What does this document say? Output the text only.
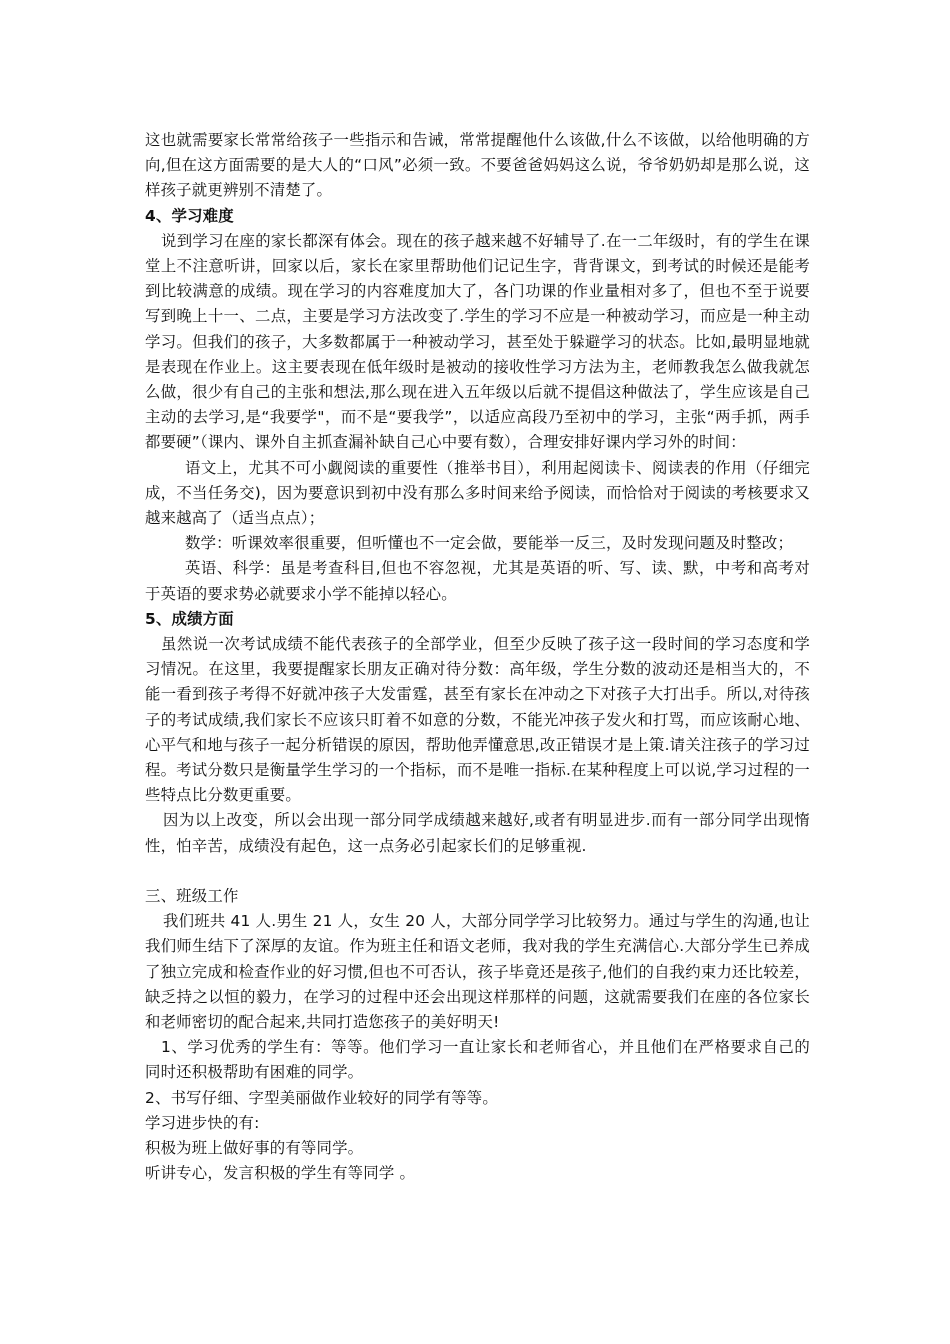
这也就需要家长常常给孩子一些指示和告诫，常常提醒他什么该做,什么不该做，以给他明确的方向,但在这方面需要的是大人的“口风”必须一致。不要爸爸妈妈这么说，爷爷奶奶却是那么说，这样孩子就更辨别不清楚了。

4、学习难度

说到学习在座的家长都深有体会。现在的孩子越来越不好辅导了.在一二年级时，有的学生在课堂上不注意听讲，回家以后，家长在家里帮助他们记记生字，背背课文，到考试的时候还是能考到比较满意的成绩。现在学习的内容难度加大了，各门功课的作业量相对多了，但也不至于说要写到晚上十一、二点，主要是学习方法改变了.学生的学习不应是一种被动学习，而应是一种主动学习。但我们的孩子，大多数都属于一种被动学习，甚至处于躲避学习的状态。比如,最明显地就是表现在作业上。这主要表现在低年级时是被动的接收性学习方法为主，老师教我怎么做我就怎么做，很少有自己的主张和想法,那么现在进入五年级以后就不提倡这种做法了，学生应该是自己主动的去学习,是“我要学"，而不是“要我学”，以适应高段乃至初中的学习，主张“两手抓，两手都要硬”（课内、课外自主抓查漏补缺自己心中要有数），合理安排好课内学习外的时间：

语文上，尤其不可小觑阅读的重要性（推举书目），利用起阅读卡、阅读表的作用（仔细完成，不当任务交)，因为要意识到初中没有那么多时间来给予阅读，而恰恰对于阅读的考核要求又越来越高了（适当点点）；

数学：听课效率很重要，但听懂也不一定会做，要能举一反三，及时发现问题及时整改；

英语、科学：虽是考查科目,但也不容忽视，尤其是英语的听、写、读、默，中考和高考对于英语的要求势必就要求小学不能掉以轻心。

5、成绩方面

虽然说一次考试成绩不能代表孩子的全部学业，但至少反映了孩子这一段时间的学习态度和学习情况。在这里，我要提醒家长朋友正确对待分数：高年级，学生分数的波动还是相当大的，不能一看到孩子考得不好就冲孩子大发雷霆，甚至有家长在冲动之下对孩子大打出手。所以,对待孩子的考试成绩,我们家长不应该只盯着不如意的分数，不能光冲孩子发火和打骂，而应该耐心地、心平气和地与孩子一起分析错误的原因，帮助他弄懂意思,改正错误才是上策.请关注孩子的学习过程。考试分数只是衡量学生学习的一个指标，而不是唯一指标.在某种程度上可以说,学习过程的一些特点比分数更重要。

因为以上改变，所以会出现一部分同学成绩越来越好,或者有明显进步.而有一部分同学出现惰性，怕辛苦，成绩没有起色，这一点务必引起家长们的足够重视.

三、班级工作

我们班共 41 人.男生 21 人，女生 20 人，大部分同学学习比较努力。通过与学生的沟通,也让我们师生结下了深厚的友谊。作为班主任和语文老师，我对我的学生充满信心.大部分学生已养成了独立完成和检查作业的好习惯,但也不可否认，孩子毕竟还是孩子,他们的自我约束力还比较差，缺乏持之以恒的毅力，在学习的过程中还会出现这样那样的问题，这就需要我们在座的各位家长和老师密切的配合起来,共同打造您孩子的美好明天!

1、学习优秀的学生有：等等。他们学习一直让家长和老师省心，并且他们在严格要求自己的同时还积极帮助有困难的同学。

2、书写仔细、字型美丽做作业较好的同学有等等。

学习进步快的有:

积极为班上做好事的有等同学。

听讲专心，发言积极的学生有等同学 。
